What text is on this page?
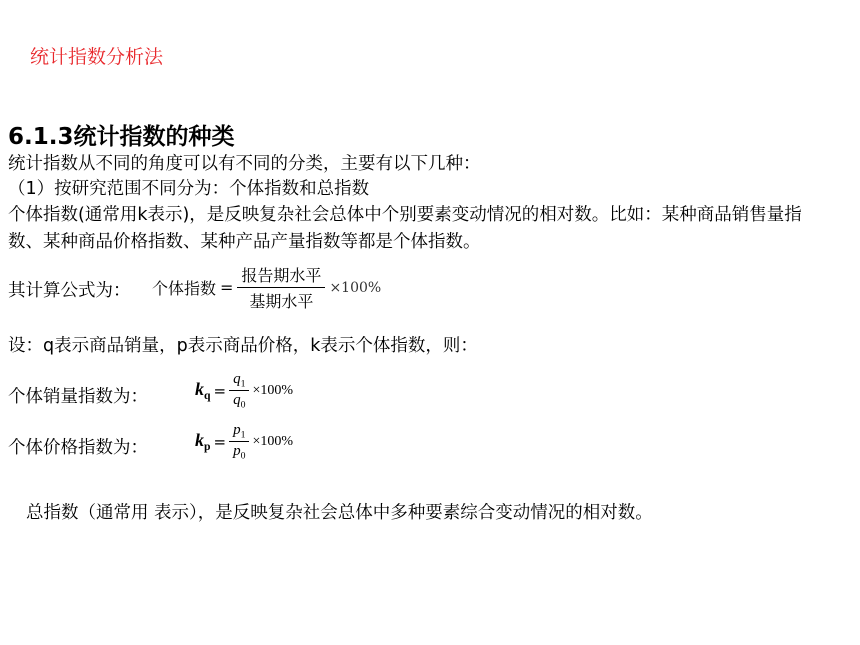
统计指数分析法
6.1.3统计指数的种类
统计指数从不同的角度可以有不同的分类，主要有以下几种：
（1）按研究范围不同分为：个体指数和总指数
个体指数(通常用k表示)，是反映复杂社会总体中个别要素变动情况的相对数。比如：某种商品销售量指数、某种商品价格指数、某种产品产量指数等都是个体指数。
其计算公式为： 个体指数 = $\frac{\text{报告期水平}}{\text{基期水平}} \times 100\%$
设：q表示商品销量，p表示商品价格，k表示个体指数，则：
个体销量指数为：	$k_q = \frac{q_1}{q_0} \times 100\%$
个体价格指数为：	$k_p = \frac{p_1}{p_0} \times 100\%$
总指数（通常用 表示），是反映复杂社会总体中多种要素综合变动情况的相对数。
